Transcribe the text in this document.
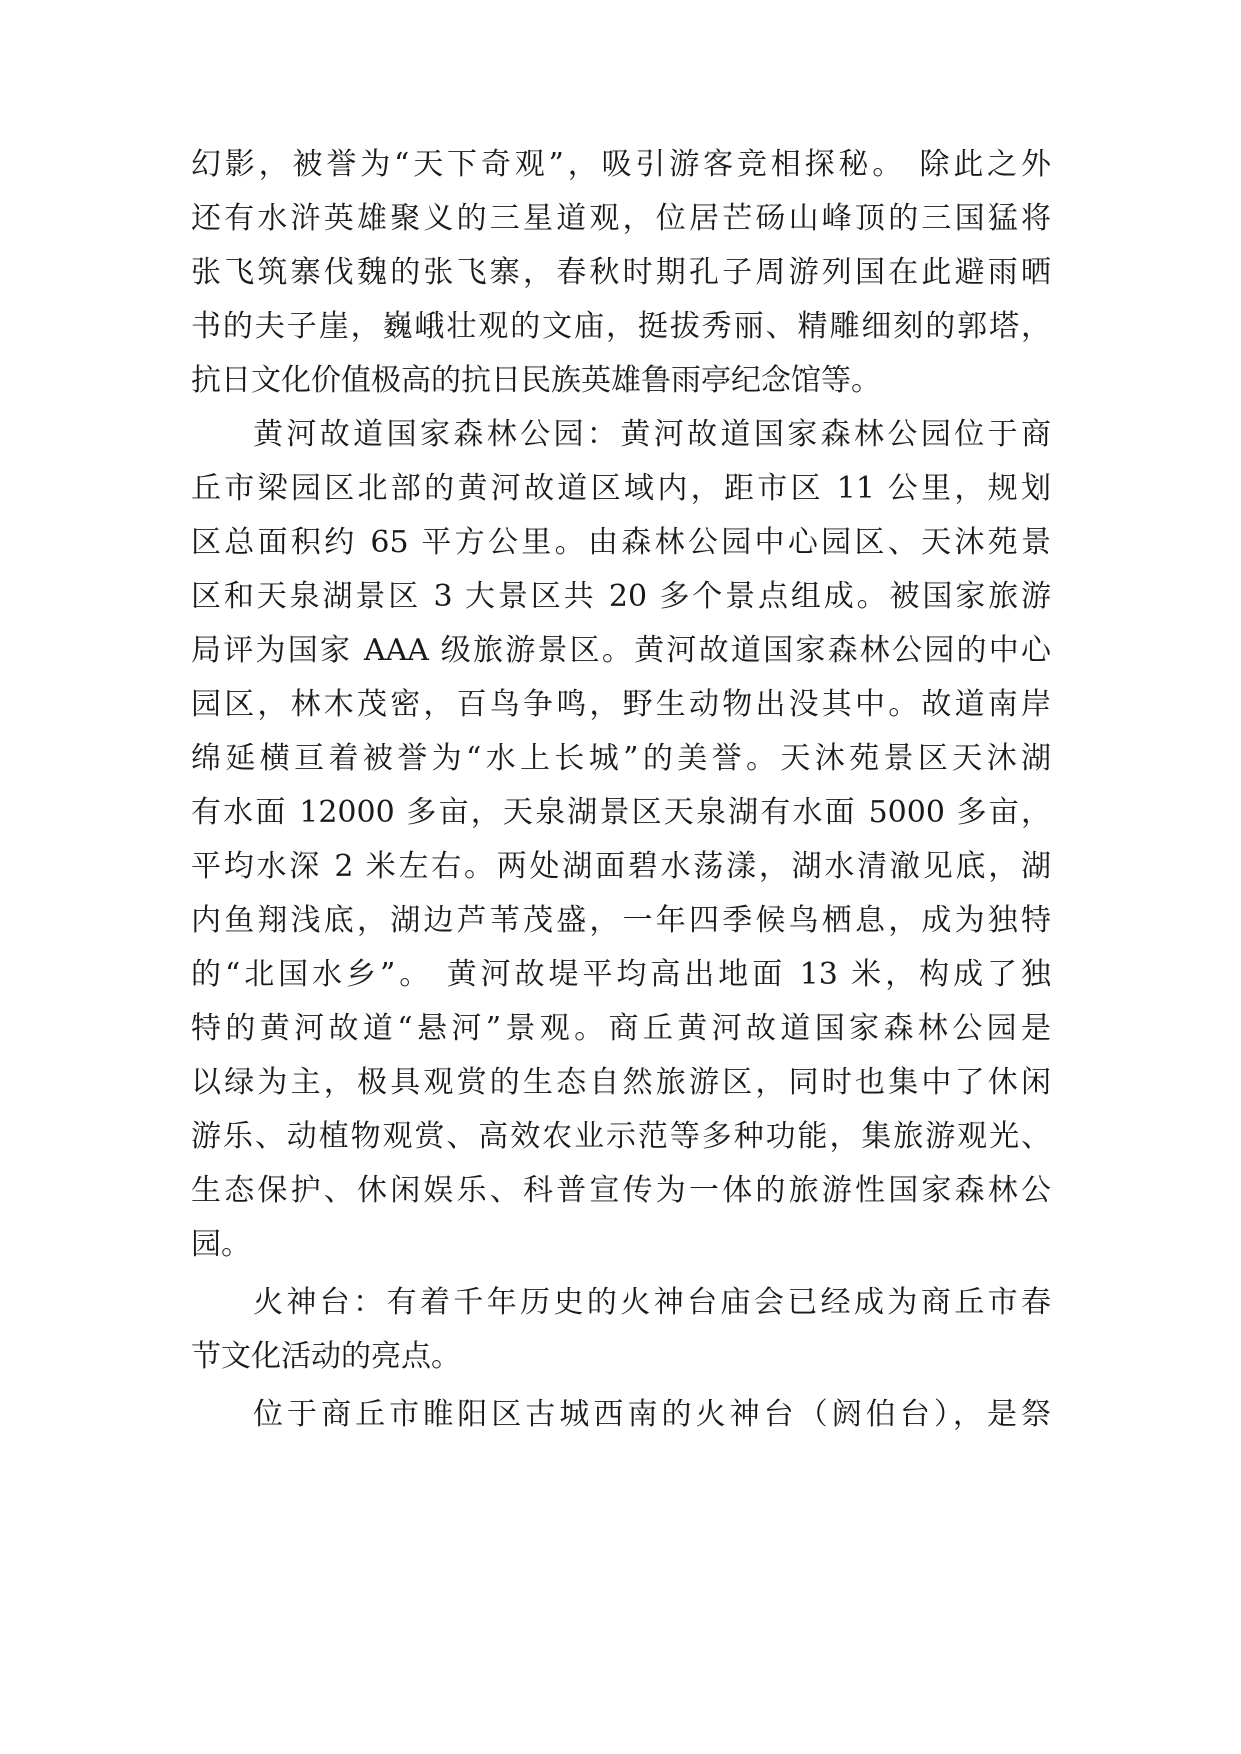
幻影，被誉为“天下奇观”，吸引游客竞相探秘。 除此之外
还有水浒英雄聚义的三星道观，位居芒砀山峰顶的三国猛将
张飞筑寨伐魏的张飞寨，春秋时期孔子周游列国在此避雨晒
书的夫子崖，巍峨壮观的文庙，挺拔秀丽、精雕细刻的郭塔，
抗日文化价值极高的抗日民族英雄鲁雨亭纪念馆等。
黄河故道国家森林公园：黄河故道国家森林公园位于商
丘市梁园区北部的黄河故道区域内，距市区 11 公里，规划
区总面积约 65 平方公里。由森林公园中心园区、天沐苑景
区和天泉湖景区 3 大景区共 20 多个景点组成。被国家旅游
局评为国家 AAA 级旅游景区。黄河故道国家森林公园的中心
园区，林木茂密，百鸟争鸣，野生动物出没其中。故道南岸
绵延横亘着被誉为“水上长城”的美誉。天沐苑景区天沐湖
有水面 12000 多亩，天泉湖景区天泉湖有水面 5000 多亩，
平均水深 2 米左右。两处湖面碧水荡漾，湖水清澈见底，湖
内鱼翔浅底，湖边芦苇茂盛，一年四季候鸟栖息，成为独特
的“北国水乡”。 黄河故堤平均高出地面 13 米，构成了独
特的黄河故道“悬河”景观。商丘黄河故道国家森林公园是
以绿为主，极具观赏的生态自然旅游区，同时也集中了休闲
游乐、动植物观赏、高效农业示范等多种功能，集旅游观光、
生态保护、休闲娱乐、科普宣传为一体的旅游性国家森林公
园。
火神台：有着千年历史的火神台庙会已经成为商丘市春
节文化活动的亮点。
位于商丘市睢阳区古城西南的火神台（阏伯台），是祭
